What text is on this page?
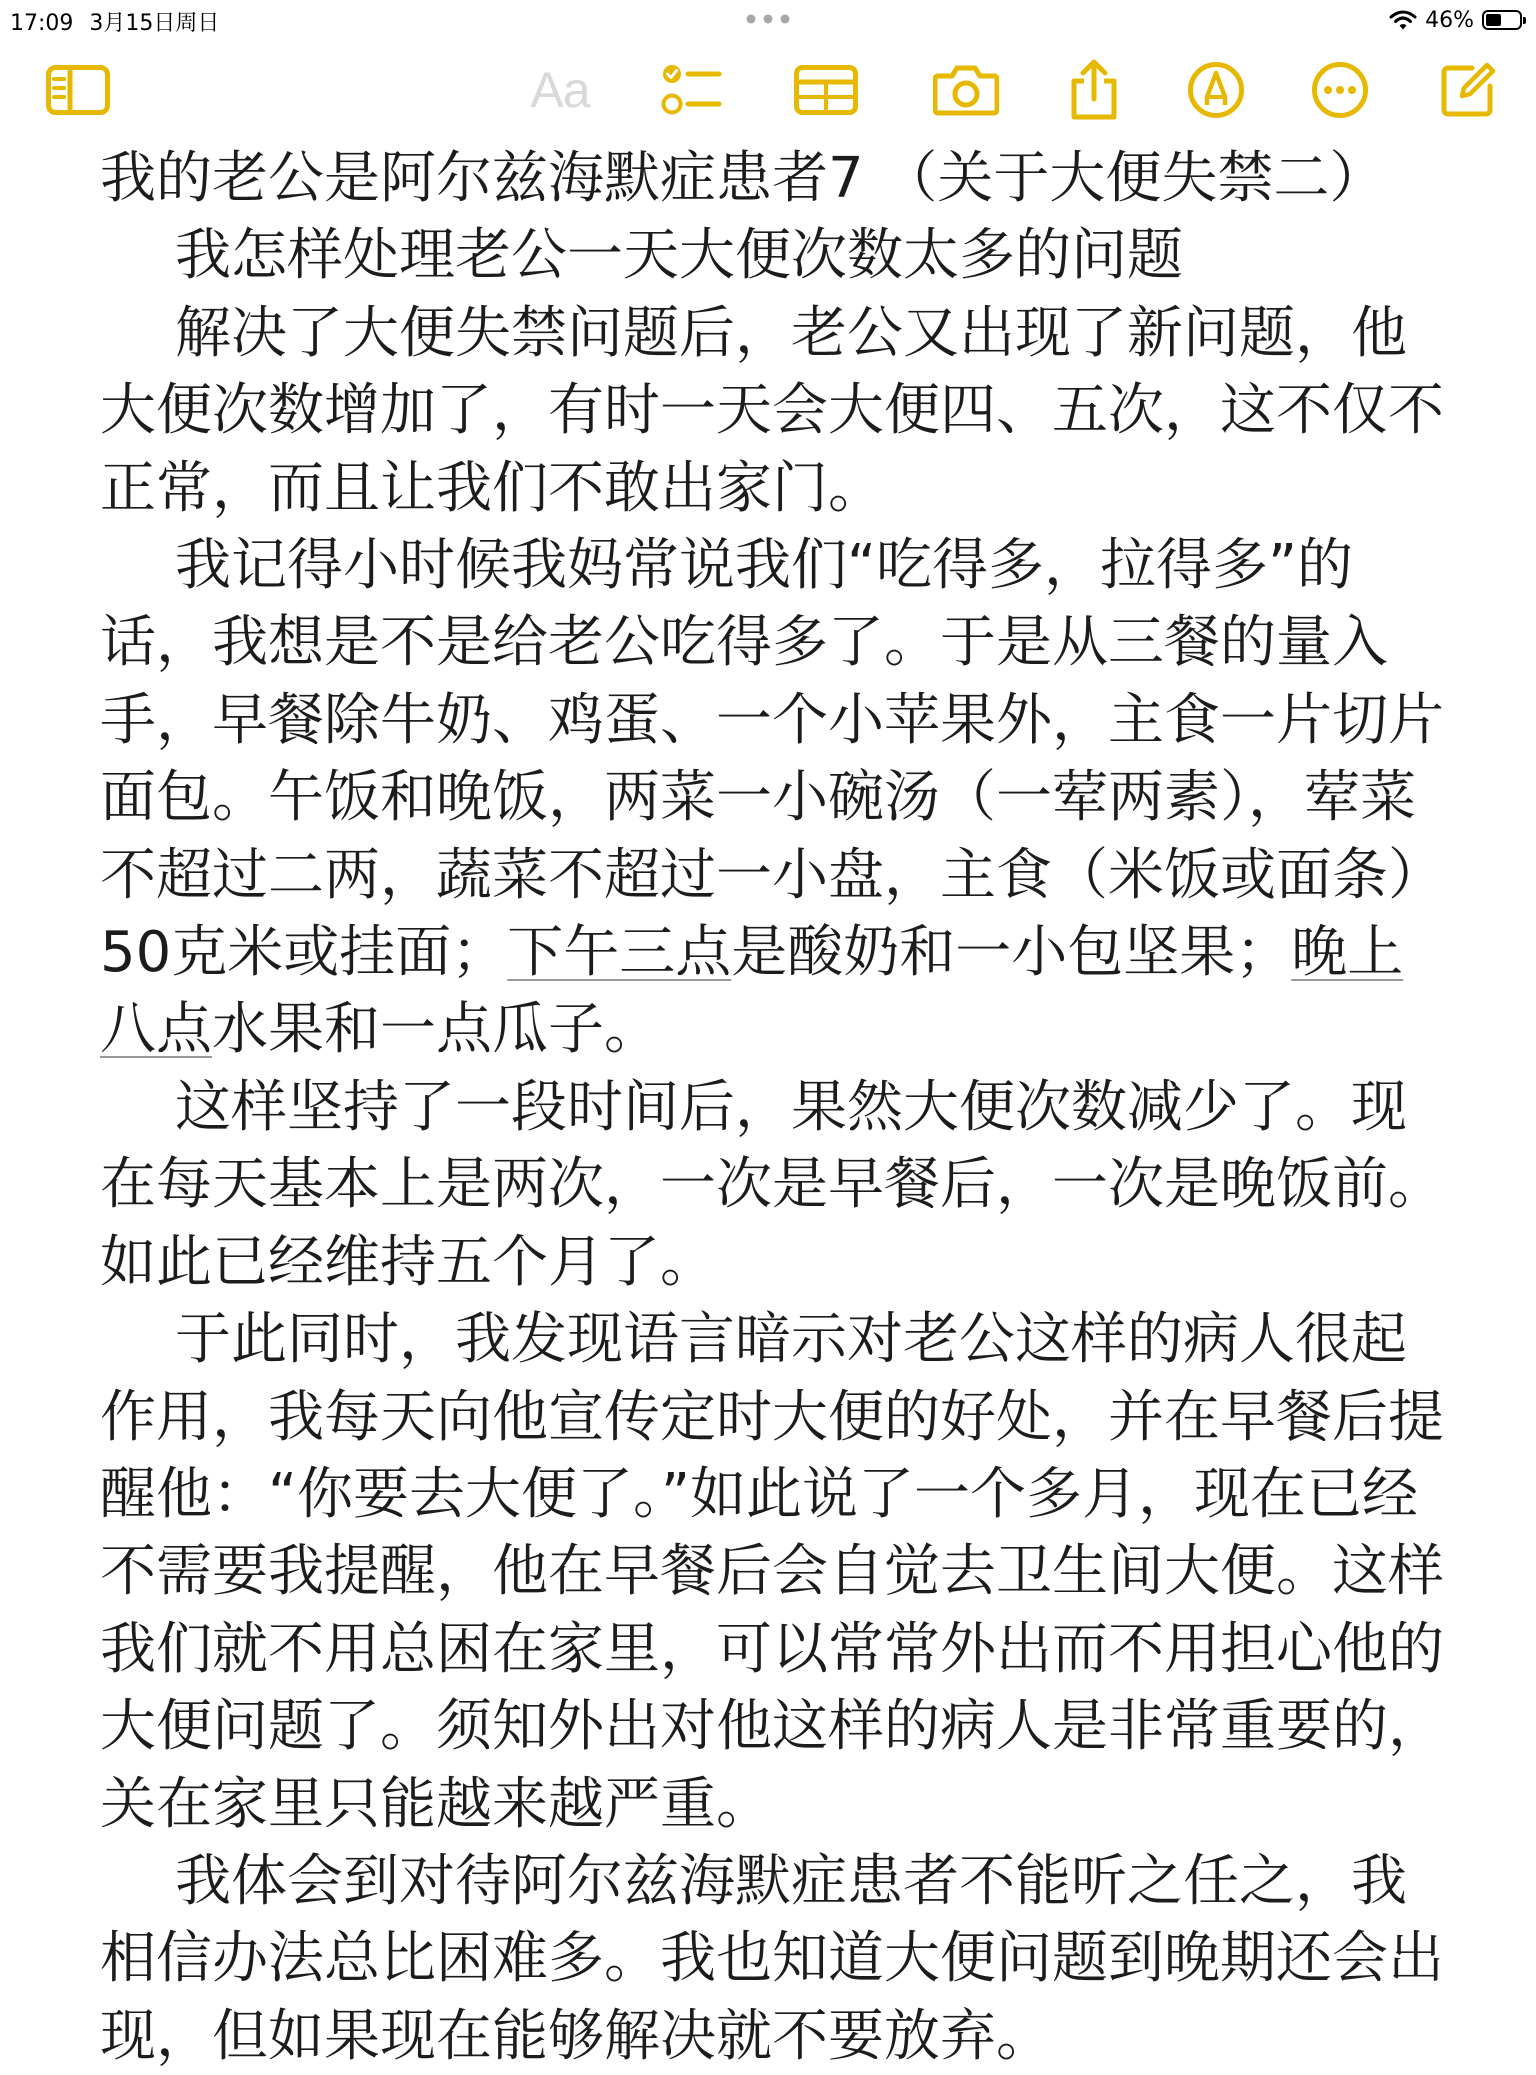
17:09 3月15日周日	46%
Aa

我的老公是阿尔兹海默症患者7 （关于大便失禁二）

我怎样处理老公一天大便次数太多的问题

解决了大便失禁问题后，老公又出现了新问题，他大便次数增加了，有时一天会大便四、五次，这不仅不正常，而且让我们不敢出家门。

我记得小时候我妈常说我们“吃得多，拉得多”的话，我想是不是给老公吃得多了。于是从三餐的量入手，早餐除牛奶、鸡蛋、一个小苹果外，主食一片切片面包。午饭和晚饭，两菜一小碗汤（一荤两素），荤菜不超过二两，蔬菜不超过一小盘，主食（米饭或面条）50克米或挂面；下午三点是酸奶和一小包坚果；晚上八点水果和一点瓜子。

这样坚持了一段时间后，果然大便次数减少了。现在每天基本上是两次，一次是早餐后，一次是晚饭前。如此已经维持五个月了。

于此同时，我发现语言暗示对老公这样的病人很起作用，我每天向他宣传定时大便的好处，并在早餐后提醒他：“你要去大便了。”如此说了一个多月，现在已经不需要我提醒，他在早餐后会自觉去卫生间大便。这样我们就不用总困在家里，可以常常外出而不用担心他的大便问题了。须知外出对他这样的病人是非常重要的，关在家里只能越来越严重。

我体会到对待阿尔兹海默症患者不能听之任之，我相信办法总比困难多。我也知道大便问题到晚期还会出现，但如果现在能够解决就不要放弃。
